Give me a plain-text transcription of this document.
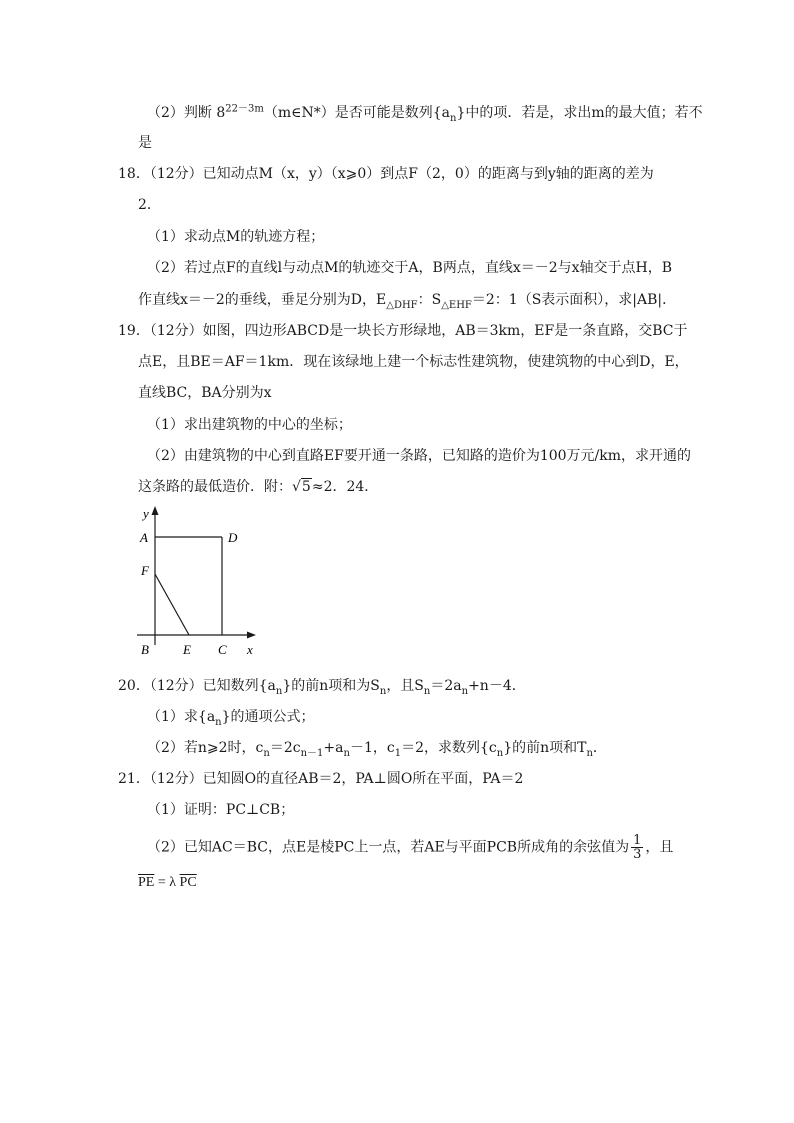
（2）判断 $8^{22-3m}(m\in N*)$是否可能是数列$\{a_n\}$中的项．若是，求出m的最大值；若不
是
18．（12分）已知动点M（x，y）（x⩾0）到点F（2，0）的距离与到y轴的距离的差为
2．
（1）求动点M的轨迹方程；
（2）若过点F的直线l与动点M的轨迹交于A，B两点，直线x＝－2与x轴交于点H，B
作直线x＝－2的垂线，垂足分别为D，$E_{\triangle DHF}$：$S_{\triangle EHF}=2$：1（S表示面积），求|AB|．
19．（12分）如图，四边形ABCD是一块长方形绿地，AB＝3km，EF是一条直路，交BC于
点E，且BE＝AF＝1km．现在该绿地上建一个标志性建筑物，使建筑物的中心到D，E，
直线BC，BA分别为x
（1）求出建筑物的中心的坐标；
（2）由建筑物的中心到直路EF要开通一条路，已知路的造价为100万元/km，求开通的
这条路的最低造价．附：√5≈2．24．
y
A	D
F
B	E C x
20．（12分）已知数列$\{a_n\}$的前n项和为$S_n$，且$S_n=2a_n+n-4$．
（1）求$\{a_n\}$的通项公式；
（2）若n⩾2时，$c_n=2c_{n-1}+a_n-1$，$c_1=2$，求数列$\{c_n\}$的前n项和$T_n$．
21．（12分）已知圆O的直径AB＝2，PA⊥圆O所在平面，PA＝2
（1）证明：PC⊥CB；
（2）已知AC＝BC，点E是棱PC上一点，若AE与平面PCB所成角的余弦值为 $\frac{1}{3}$ ，且
$\overline{PE} = \lambda$ $\overline{PC}$
